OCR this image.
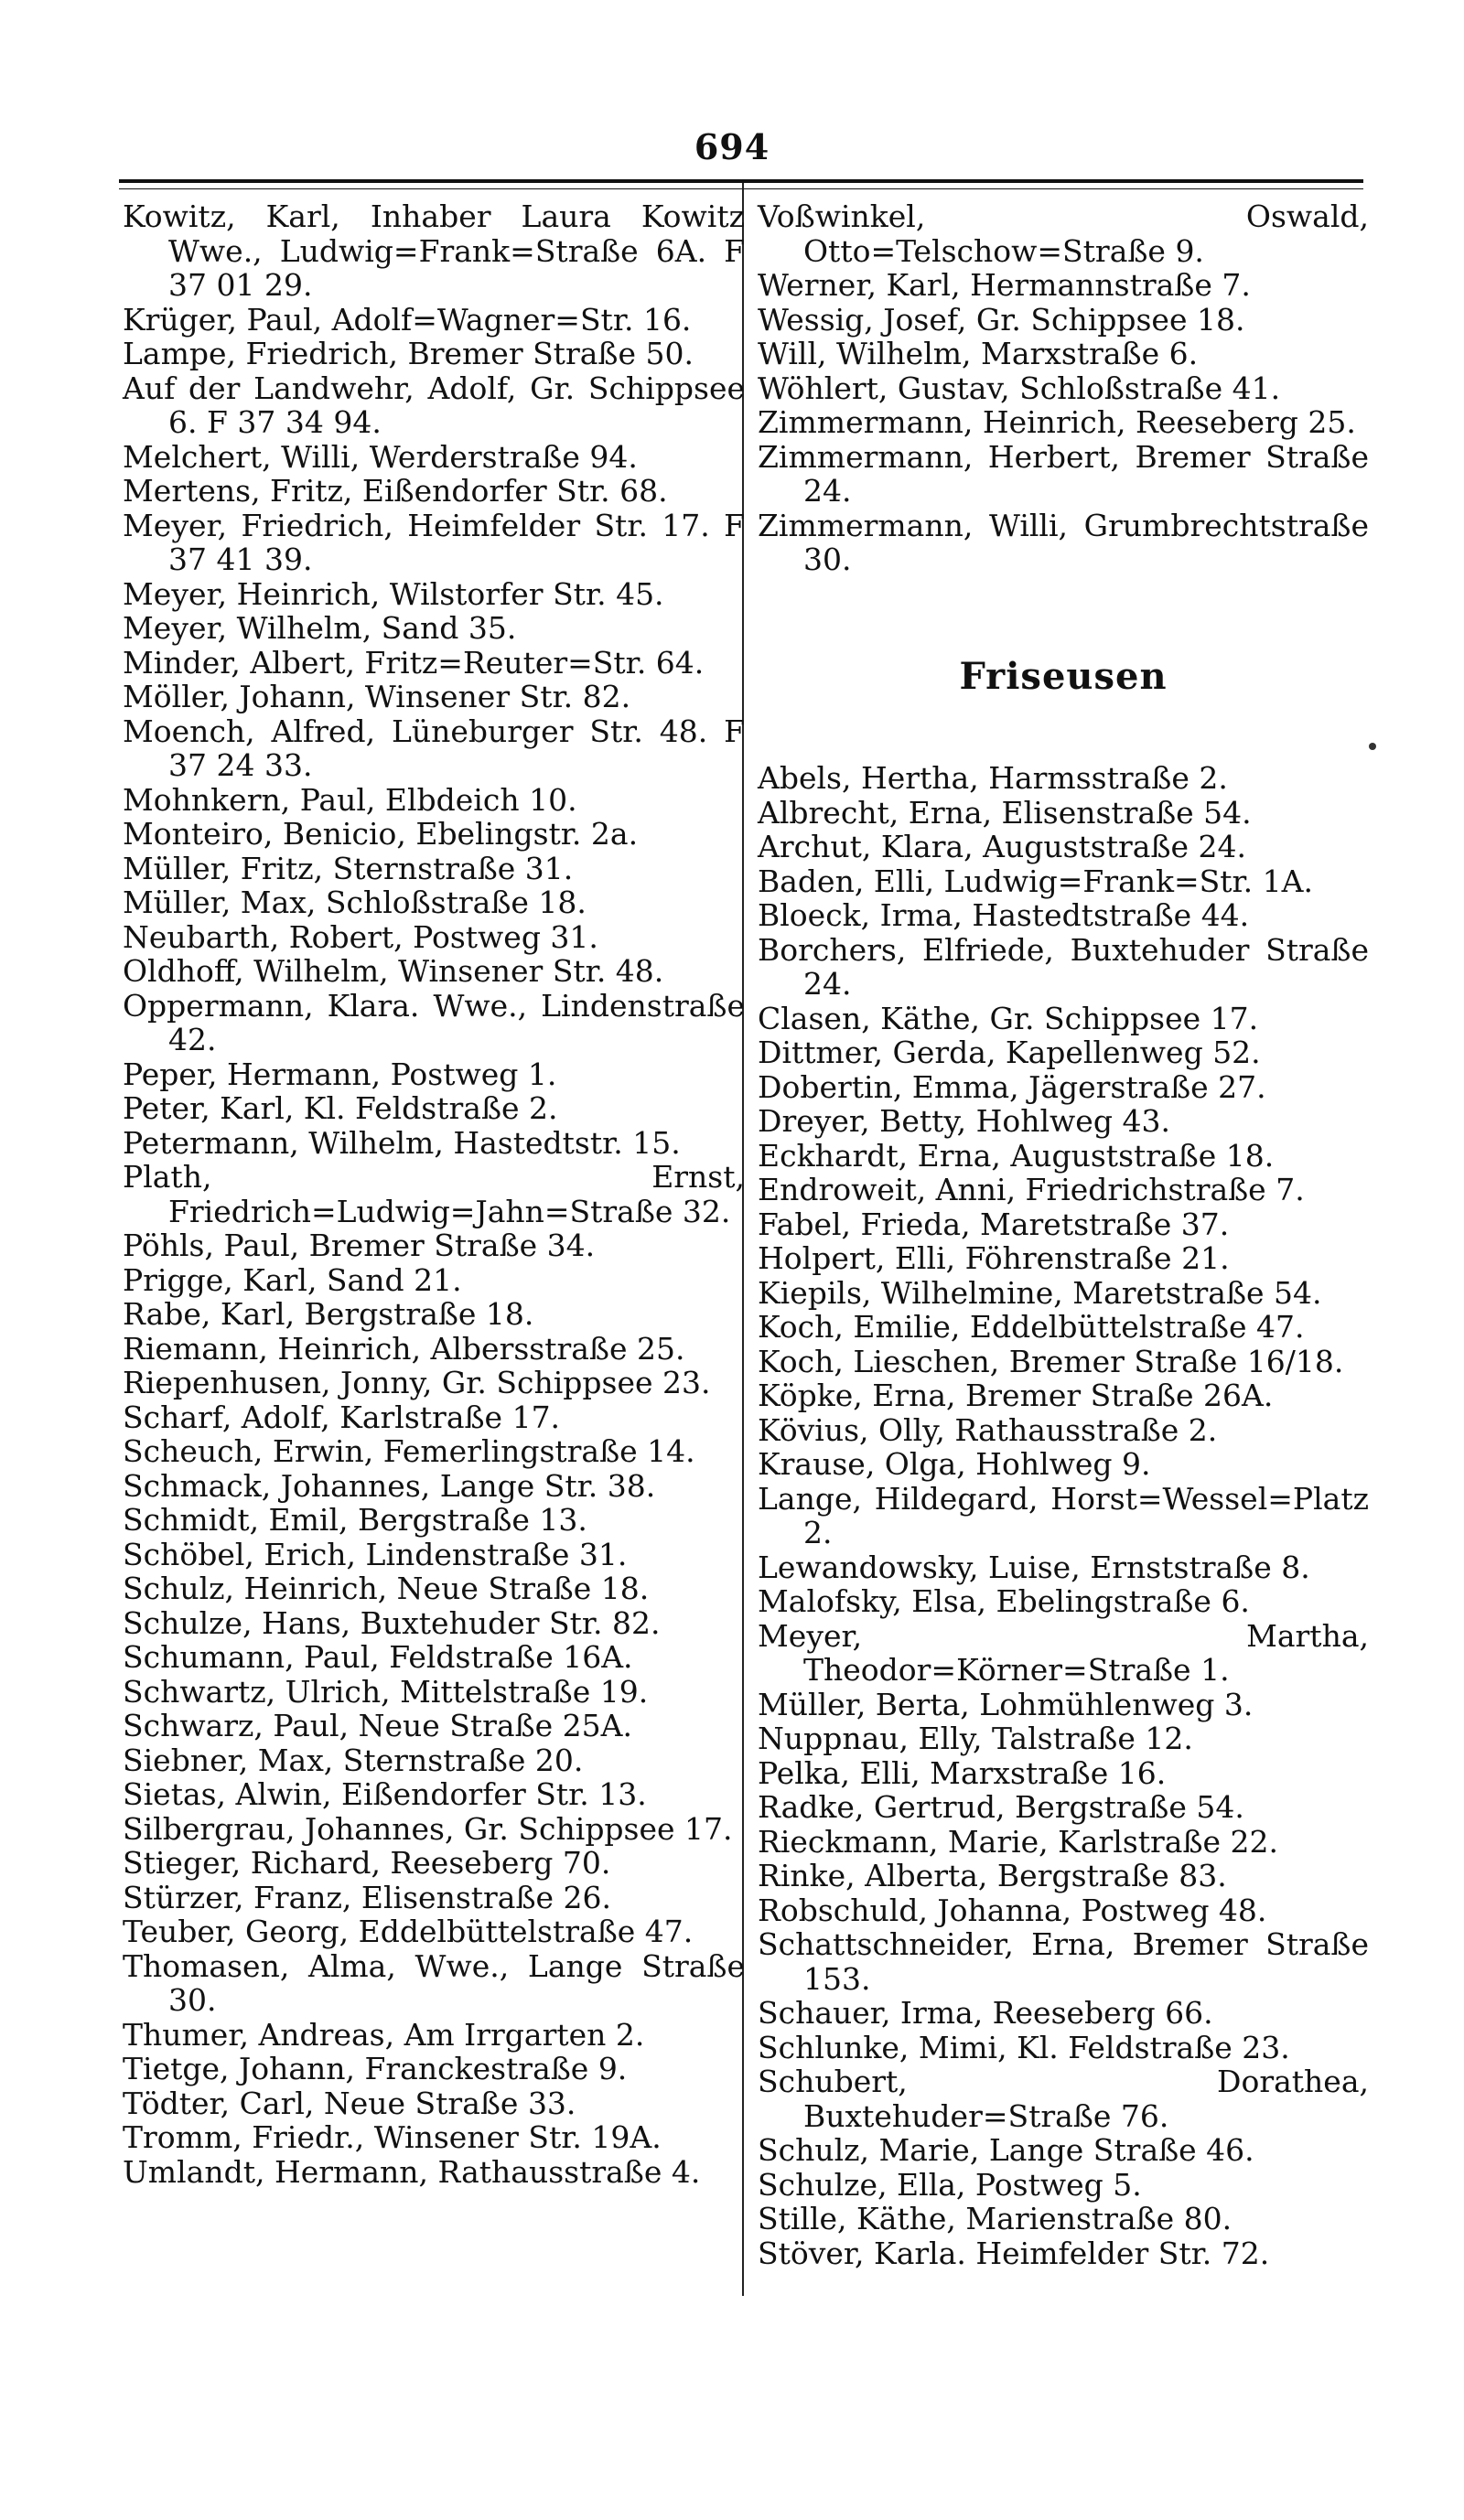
694

Kowitz, Karl, Inhaber Laura Kowitz Wwe., Ludwig=Frank=Straße 6A. F 37 01 29.

Krüger, Paul, Adolf=Wagner=Str. 16.

Lampe, Friedrich, Bremer Straße 50.

Auf der Landwehr, Adolf, Gr. Schippsee 6. F 37 34 94.

Melchert, Willi, Werderstraße 94.

Mertens, Fritz, Eißendorfer Str. 68.

Meyer, Friedrich, Heimfelder Str. 17. F 37 41 39.

Meyer, Heinrich, Wilstorfer Str. 45.

Meyer, Wilhelm, Sand 35.

Minder, Albert, Fritz=Reuter=Str. 64.

Möller, Johann, Winsener Str. 82.

Moench, Alfred, Lüneburger Str. 48. F 37 24 33.

Mohnkern, Paul, Elbdeich 10.

Monteiro, Benicio, Ebelingstr. 2a.

Müller, Fritz, Sternstraße 31.

Müller, Max, Schloßstraße 18.

Neubarth, Robert, Postweg 31.

Oldhoff, Wilhelm, Winsener Str. 48.

Oppermann, Klara. Wwe., Lindenstraße 42.

Peper, Hermann, Postweg 1.

Peter, Karl, Kl. Feldstraße 2.

Petermann, Wilhelm, Hastedtstr. 15.

Plath, Ernst, Friedrich=Ludwig=Jahn=Straße 32.

Pöhls, Paul, Bremer Straße 34.

Prigge, Karl, Sand 21.

Rabe, Karl, Bergstraße 18.

Riemann, Heinrich, Albersstraße 25.

Riepenhusen, Jonny, Gr. Schippsee 23.

Scharf, Adolf, Karlstraße 17.

Scheuch, Erwin, Femerlingstraße 14.

Schmack, Johannes, Lange Str. 38.

Schmidt, Emil, Bergstraße 13.

Schöbel, Erich, Lindenstraße 31.

Schulz, Heinrich, Neue Straße 18.

Schulze, Hans, Buxtehuder Str. 82.

Schumann, Paul, Feldstraße 16A.

Schwartz, Ulrich, Mittelstraße 19.

Schwarz, Paul, Neue Straße 25A.

Siebner, Max, Sternstraße 20.

Sietas, Alwin, Eißendorfer Str. 13.

Silbergrau, Johannes, Gr. Schippsee 17.

Stieger, Richard, Reeseberg 70.

Stürzer, Franz, Elisenstraße 26.

Teuber, Georg, Eddelbüttelstraße 47.

Thomasen, Alma, Wwe., Lange Straße 30.

Thumer, Andreas, Am Irrgarten 2.

Tietge, Johann, Franckestraße 9.

Tödter, Carl, Neue Straße 33.

Tromm, Friedr., Winsener Str. 19A.

Umlandt, Hermann, Rathausstraße 4.

Voßwinkel, Oswald, Otto=Telschow=Straße 9.

Werner, Karl, Hermannstraße 7.

Wessig, Josef, Gr. Schippsee 18.

Will, Wilhelm, Marxstraße 6.

Wöhlert, Gustav, Schloßstraße 41.

Zimmermann, Heinrich, Reeseberg 25.

Zimmermann, Herbert, Bremer Straße 24.

Zimmermann, Willi, Grumbrechtstraße 30.

Friseusen

Abels, Hertha, Harmsstraße 2.

Albrecht, Erna, Elisenstraße 54.

Archut, Klara, Auguststraße 24.

Baden, Elli, Ludwig=Frank=Str. 1A.

Bloeck, Irma, Hastedtstraße 44.

Borchers, Elfriede, Buxtehuder Straße 24.

Clasen, Käthe, Gr. Schippsee 17.

Dittmer, Gerda, Kapellenweg 52.

Dobertin, Emma, Jägerstraße 27.

Dreyer, Betty, Hohlweg 43.

Eckhardt, Erna, Auguststraße 18.

Endroweit, Anni, Friedrichstraße 7.

Fabel, Frieda, Maretstraße 37.

Holpert, Elli, Föhrenstraße 21.

Kiepils, Wilhelmine, Maretstraße 54.

Koch, Emilie, Eddelbüttelstraße 47.

Koch, Lieschen, Bremer Straße 16/18.

Köpke, Erna, Bremer Straße 26A.

Kövius, Olly, Rathausstraße 2.

Krause, Olga, Hohlweg 9.

Lange, Hildegard, Horst=Wessel=Platz 2.

Lewandowsky, Luise, Ernststraße 8.

Malofsky, Elsa, Ebelingstraße 6.

Meyer, Martha, Theodor=Körner=Straße 1.

Müller, Berta, Lohmühlenweg 3.

Nuppnau, Elly, Talstraße 12.

Pelka, Elli, Marxstraße 16.

Radke, Gertrud, Bergstraße 54.

Rieckmann, Marie, Karlstraße 22.

Rinke, Alberta, Bergstraße 83.

Robschuld, Johanna, Postweg 48.

Schattschneider, Erna, Bremer Straße 153.

Schauer, Irma, Reeseberg 66.

Schlunke, Mimi, Kl. Feldstraße 23.

Schubert, Dorathea, Buxtehuder=Straße 76.

Schulz, Marie, Lange Straße 46.

Schulze, Ella, Postweg 5.

Stille, Käthe, Marienstraße 80.

Stöver, Karla. Heimfelder Str. 72.
